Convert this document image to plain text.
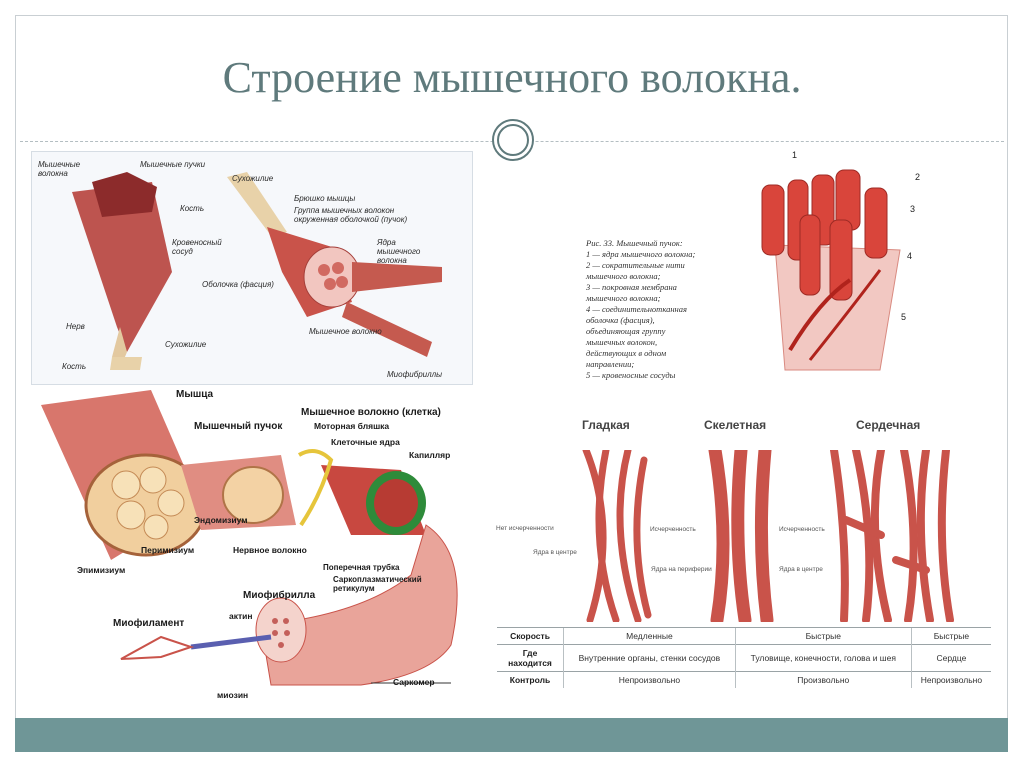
Строение мышечного волокна.
Мышечные волокна
Мышечные пучки
Кость
Кровеносный сосуд
Нерв
Кость
Сухожилие
Сухожилие
Брюшко мышцы
Группа мышечных волокон окруженная оболочкой (пучок)
Ядра мышечного волокна
Оболочка (фасция)
Мышечное волокно
Миофибриллы
1
2
3
4
5
Рис. 33. Мышечный пучок:
1 — ядра мышечного волокна;
2 — сократительные нити
мышечного волокна;
3 — покровная мембрана
мышечного волокна;
4 — соединительнотканная
оболочка (фасция),
объединяющая группу
мышечных волокон,
действующих в одном
направлении;
5 — кровеносные сосуды
Мышца
Мышечный пучок
Мышечное волокно (клетка)
Моторная бляшка
Клеточные ядра
Капилляр
Эндомизиум
Перимизиум
Эпимизиум
Нервное волокно
Поперечная трубка
Саркоплазматический ретикулум
Миофибрилла
Миофиламент
актин
миозин
Саркомер
Гладкая	Скелетная	Сердечная
Нет исчерченности
Ядра в центре
Исчерченность
Ядра на периферии
Исчерченность
Ядра в центре
Скорость	Медленные	Быстрые	Быстрые
Где находится	Внутренние органы, стенки сосудов	Туловище, конечности, голова и шея	Сердце
Контроль	Непроизвольно	Произвольно	Непроизвольно
